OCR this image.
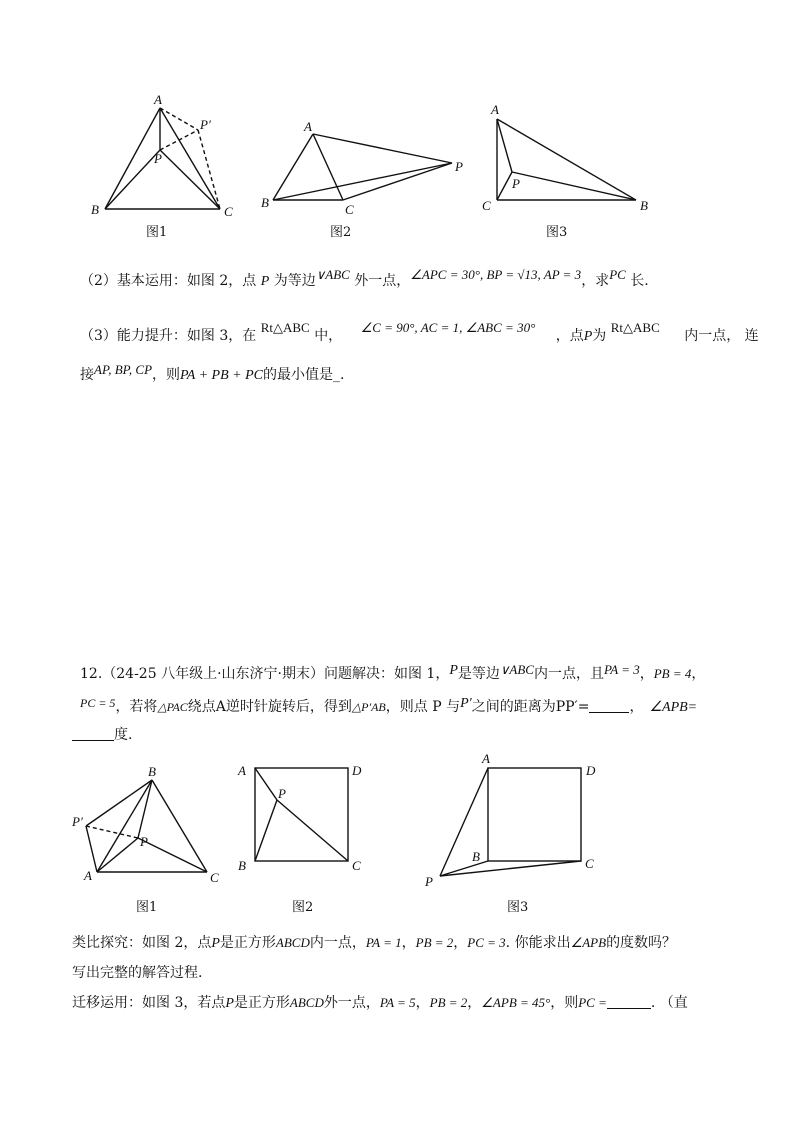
A
P′
P
B	C
图1
A
P
B	C
图2
A
P
C	B
图3
（2）基本运用：如图 2，点 P 为等边∨ABC 外一点，∠APC = 30°, BP = √13, AP = 3，求PC 长.
（3）能力提升：如图 3，在 Rt△ABC 中， ∠C = 90°, AC = 1, ∠ABC = 30° ，点P为 Rt△ABC 内一点， 连
接AP, BP, CP，则PA + PB + PC的最小值是_.
12.（24-25 八年级上·山东济宁·期末）问题解决：如图 1，P是等边∨ABC内一点，且PA = 3，PB = 4，
PC = 5，若将△PAC绕点A逆时针旋转后，得到△P′AB，则点 P 与P′之间的距离为PP′=	， ∠APB=
度.
B
P′
P
A	C
图1
A	D
P
B	C
图2
A
D
B	C
P
图3
类比探究：如图 2，点P是正方形ABCD内一点，PA = 1，PB = 2，PC = 3. 你能求出∠APB的度数吗？
写出完整的解答过程.
迁移运用：如图 3，若点P是正方形ABCD外一点，PA = 5，PB = 2，∠APB = 45°，则PC =	. （直
